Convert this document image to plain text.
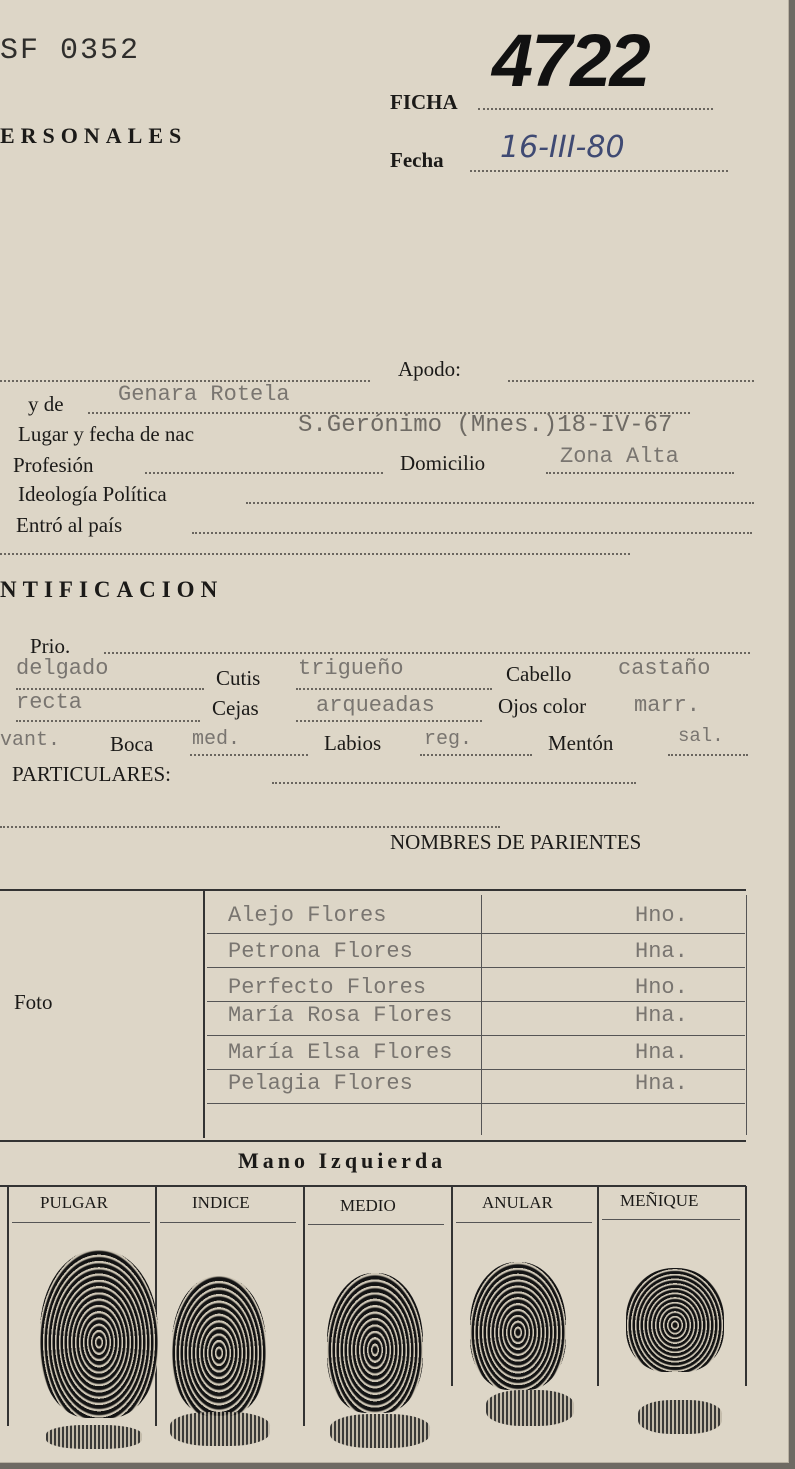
SF 0352
FICHA 4722
Fecha 16-III-80
ERSONALES
Apodo:
y de Genara Rotela
Lugar y fecha de nac	S.Gerónimo (Mnes.)18-IV-67
Profesión	Domicilio	Zona Alta
Ideología Política
Entró al país
NTIFICACION
Prio.
delgado	Cutis trigueño	Cabello castaño
recta	Cejas	arqueadas	Ojos color marr.
vant. Boca med.	Labios reg.	Mentón	sal.
PARTICULARES:
NOMBRES DE PARIENTES
Foto
Alejo Flores	Hno.
Petrona Flores	Hna.
Perfecto Flores	Hno.
María Rosa Flores	Hna.
María Elsa Flores	Hna.
Pelagia Flores	Hna.
Mano Izquierda
PULGAR	INDICE	MEDIO	ANULAR	MEÑIQUE
